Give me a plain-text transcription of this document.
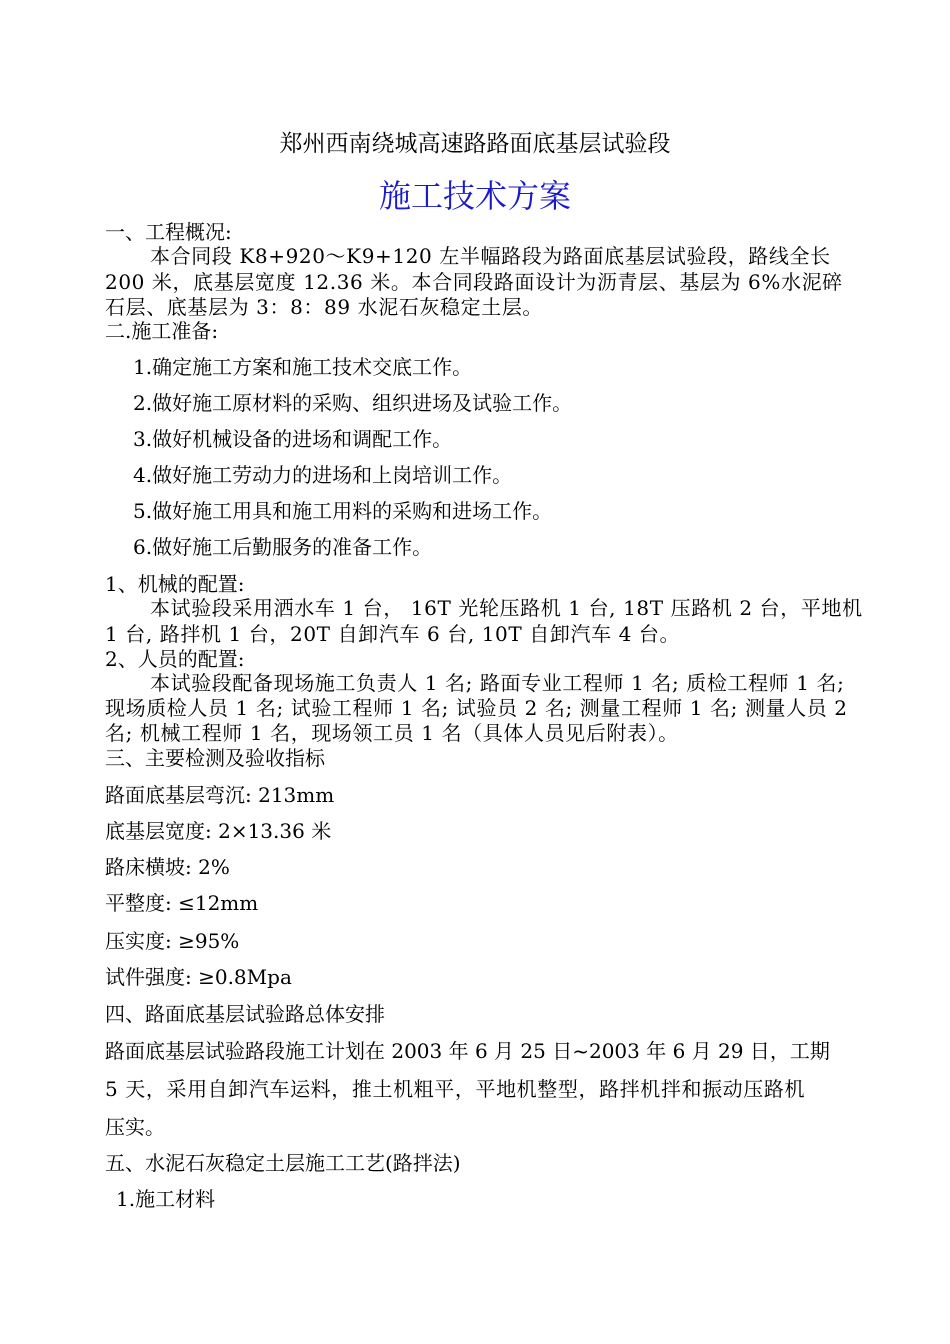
郑州西南绕城高速路路面底基层试验段
施工技术方案
一、工程概况:
本合同段 K8+920～K9+120 左半幅路段为路面底基层试验段，路线全长
200 米，底基层宽度 12.36 米。本合同段路面设计为沥青层、基层为 6%水泥碎
石层、底基层为 3：8：89 水泥石灰稳定土层。
二.施工准备:
1.确定施工方案和施工技术交底工作。
2.做好施工原材料的采购、组织进场及试验工作。
3.做好机械设备的进场和调配工作。
4.做好施工劳动力的进场和上岗培训工作。
5.做好施工用具和施工用料的采购和进场工作。
6.做好施工后勤服务的准备工作。
1、机械的配置:
本试验段采用洒水车 1 台， 16T 光轮压路机 1 台, 18T 压路机 2 台，平地机
1 台, 路拌机 1 台，20T 自卸汽车 6 台, 10T 自卸汽车 4 台。
2、人员的配置:
本试验段配备现场施工负责人 1 名; 路面专业工程师 1 名; 质检工程师 1 名;
现场质检人员 1 名; 试验工程师 1 名; 试验员 2 名; 测量工程师 1 名; 测量人员 2
名; 机械工程师 1 名，现场领工员 1 名（具体人员见后附表）。
三、主要检测及验收指标
路面底基层弯沉: 213mm
底基层宽度: 2×13.36 米
路床横坡: 2%
平整度: ≤12mm
压实度: ≥95%
试件强度: ≥0.8Mpa
四、路面底基层试验路总体安排
路面底基层试验路段施工计划在 2003 年 6 月 25 日~2003 年 6 月 29 日，工期
5 天，采用自卸汽车运料，推土机粗平，平地机整型，路拌机拌和振动压路机
压实。
五、水泥石灰稳定土层施工工艺(路拌法)
1.施工材料
